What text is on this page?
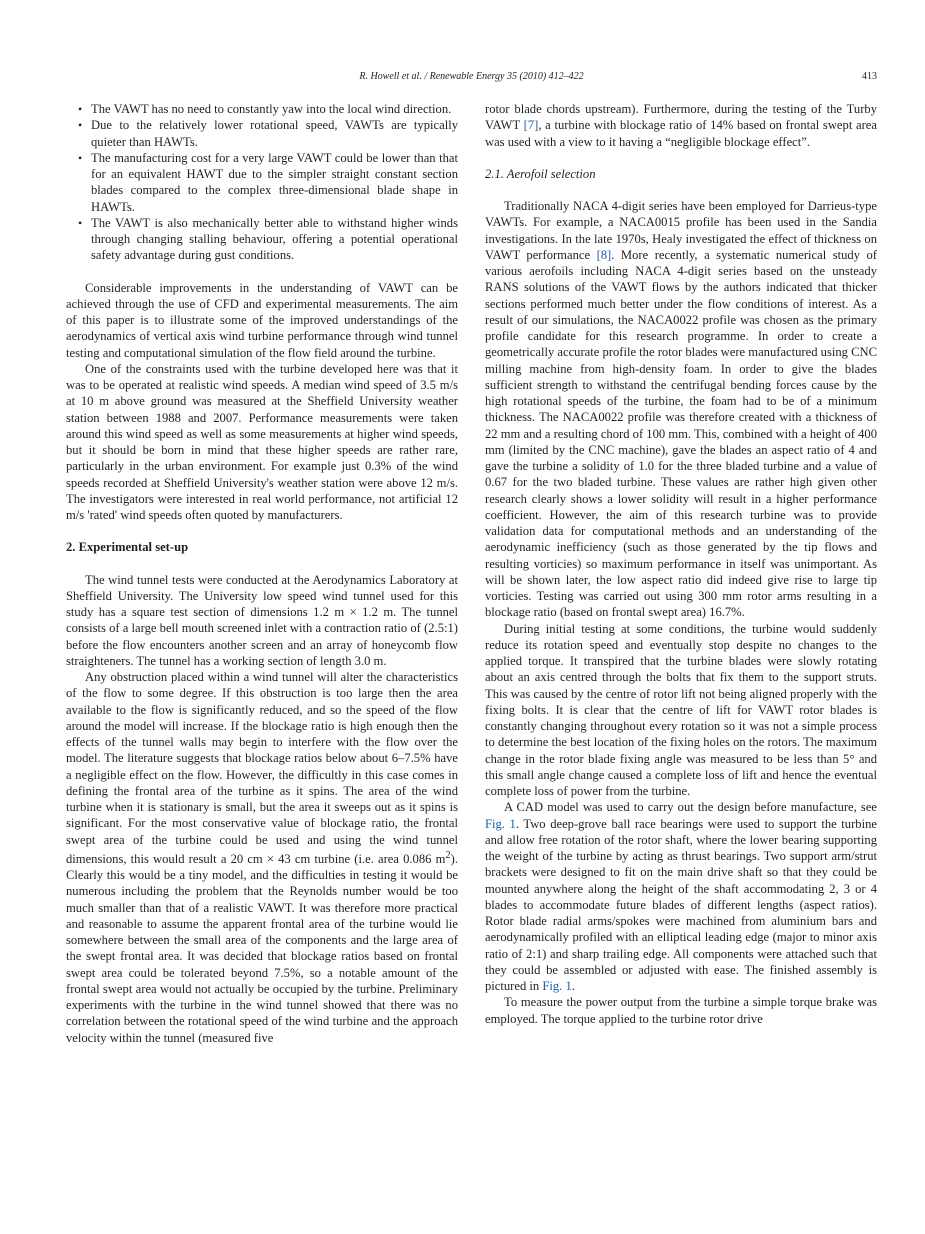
R. Howell et al. / Renewable Energy 35 (2010) 412–422	413
• The VAWT has no need to constantly yaw into the local wind direction.
• Due to the relatively lower rotational speed, VAWTs are typically quieter than HAWTs.
• The manufacturing cost for a very large VAWT could be lower than that for an equivalent HAWT due to the simpler straight constant section blades compared to the complex three-dimensional blade shape in HAWTs.
• The VAWT is also mechanically better able to withstand higher winds through changing stalling behaviour, offering a potential operational safety advantage during gust conditions.

Considerable improvements in the understanding of VAWT can be achieved through the use of CFD and experimental measurements. The aim of this paper is to illustrate some of the improved understandings of the aerodynamics of vertical axis wind turbine performance through wind tunnel testing and computational simulation of the flow field around the turbine.

One of the constraints used with the turbine developed here was that it was to be operated at realistic wind speeds. A median wind speed of 3.5 m/s at 10 m above ground was measured at the Sheffield University weather station between 1988 and 2007. Performance measurements were taken around this wind speed as well as some measurements at higher wind speeds, but it should be born in mind that these higher speeds are rather rare, particularly in the urban environment. For example just 0.3% of the wind speeds recorded at Sheffield University's weather station were above 12 m/s. The investigators were interested in real world performance, not artificial 12 m/s 'rated' wind speeds often quoted by manufacturers.

2. Experimental set-up

The wind tunnel tests were conducted at the Aerodynamics Laboratory at Sheffield University. The University low speed wind tunnel used for this study has a square test section of dimensions 1.2 m × 1.2 m. The tunnel consists of a large bell mouth screened inlet with a contraction ratio of (2.5:1) before the flow encounters another screen and an array of honeycomb flow straighteners. The tunnel has a working section of length 3.0 m.

Any obstruction placed within a wind tunnel will alter the characteristics of the flow to some degree. If this obstruction is too large then the area available to the flow is significantly reduced, and so the speed of the flow around the model will increase. If the blockage ratio is high enough then the effects of the tunnel walls may begin to interfere with the flow over the model. The literature suggests that blockage ratios below about 6–7.5% have a negligible effect on the flow. However, the difficultly in this case comes in defining the frontal area of the turbine as it spins. The area of the wind turbine when it is stationary is small, but the area it sweeps out as it spins is significant. For the most conservative value of blockage ratio, the frontal swept area of the turbine could be used and using the wind tunnel dimensions, this would result a 20 cm × 43 cm turbine (i.e. area 0.086 $m^2$). Clearly this would be a tiny model, and the difficulties in testing it would be numerous including the problem that the Reynolds number would be too much smaller than that of a realistic VAWT. It was therefore more practical and reasonable to assume the apparent frontal area of the turbine would lie somewhere between the small area of the components and the large area of the swept frontal area. It was decided that blockage ratios based on frontal swept area could be tolerated beyond 7.5%, so a notable amount of the frontal swept area would not actually be occupied by the turbine. Preliminary experiments with the turbine in the wind tunnel showed that there was no correlation between the rotational speed of the wind turbine and the approach velocity within the tunnel (measured five

rotor blade chords upstream). Furthermore, during the testing of the Turby VAWT [7], a turbine with blockage ratio of 14% based on frontal swept area was used with a view to it having a “negligible blockage effect”.

2.1. Aerofoil selection

Traditionally NACA 4-digit series have been employed for Darrieus-type VAWTs. For example, a NACA0015 profile has been used in the Sandia investigations. In the late 1970s, Healy investigated the effect of thickness on VAWT performance [8]. More recently, a systematic numerical study of various aerofoils including NACA 4-digit series based on the unsteady RANS solutions of the VAWT flows by the authors indicated that thicker sections performed much better under the flow conditions of interest. As a result of our simulations, the NACA0022 profile was chosen as the primary profile candidate for this research programme. In order to create a geometrically accurate profile the rotor blades were manufactured using CNC milling machine from high-density foam. In order to give the blades sufficient strength to withstand the centrifugal bending forces cause by the high rotational speeds of the turbine, the foam had to be of a minimum thickness. The NACA0022 profile was therefore created with a thickness of 22 mm and a resulting chord of 100 mm. This, combined with a height of 400 mm (limited by the CNC machine), gave the blades an aspect ratio of 4 and gave the turbine a solidity of 1.0 for the three bladed turbine and a value of 0.67 for the two bladed turbine. These values are rather high given other research clearly shows a lower solidity will result in a higher performance coefficient. However, the aim of this research turbine was to provide validation data for computational methods and an understanding of the aerodynamic inefficiency (such as those generated by the tip flows and resulting vorticies) so maximum performance in itself was unimportant. As will be shown later, the low aspect ratio did indeed give rise to large tip vorticies. Testing was carried out using 300 mm rotor arms resulting in a blockage ratio (based on frontal swept area) 16.7%.

During initial testing at some conditions, the turbine would suddenly reduce its rotation speed and eventually stop despite no changes to the applied torque. It transpired that the turbine blades were slowly rotating about an axis centred through the bolts that fix them to the support struts. This was caused by the centre of rotor lift not being aligned properly with the fixing bolts. It is clear that the centre of lift for VAWT rotor blades is constantly changing throughout every rotation so it was not a simple process to determine the best location of the fixing holes on the rotors. The maximum change in the rotor blade fixing angle was measured to be less than 5° and this small angle change caused a complete loss of lift and hence the eventual complete loss of power from the turbine.

A CAD model was used to carry out the design before manufacture, see Fig. 1. Two deep-grove ball race bearings were used to support the turbine and allow free rotation of the rotor shaft, where the lower bearing supporting the weight of the turbine by acting as thrust bearings. Two support arm/strut brackets were designed to fit on the main drive shaft so that they could be mounted anywhere along the height of the shaft accommodating 2, 3 or 4 blades to accommodate future blades of different lengths (aspect ratios). Rotor blade radial arms/spokes were machined from aluminium bars and aerodynamically profiled with an elliptical leading edge (major to minor axis ratio of 2:1) and sharp trailing edge. All components were attached such that they could be assembled or adjusted with ease. The finished assembly is pictured in Fig. 1.

To measure the power output from the turbine a simple torque brake was employed. The torque applied to the turbine rotor drive
